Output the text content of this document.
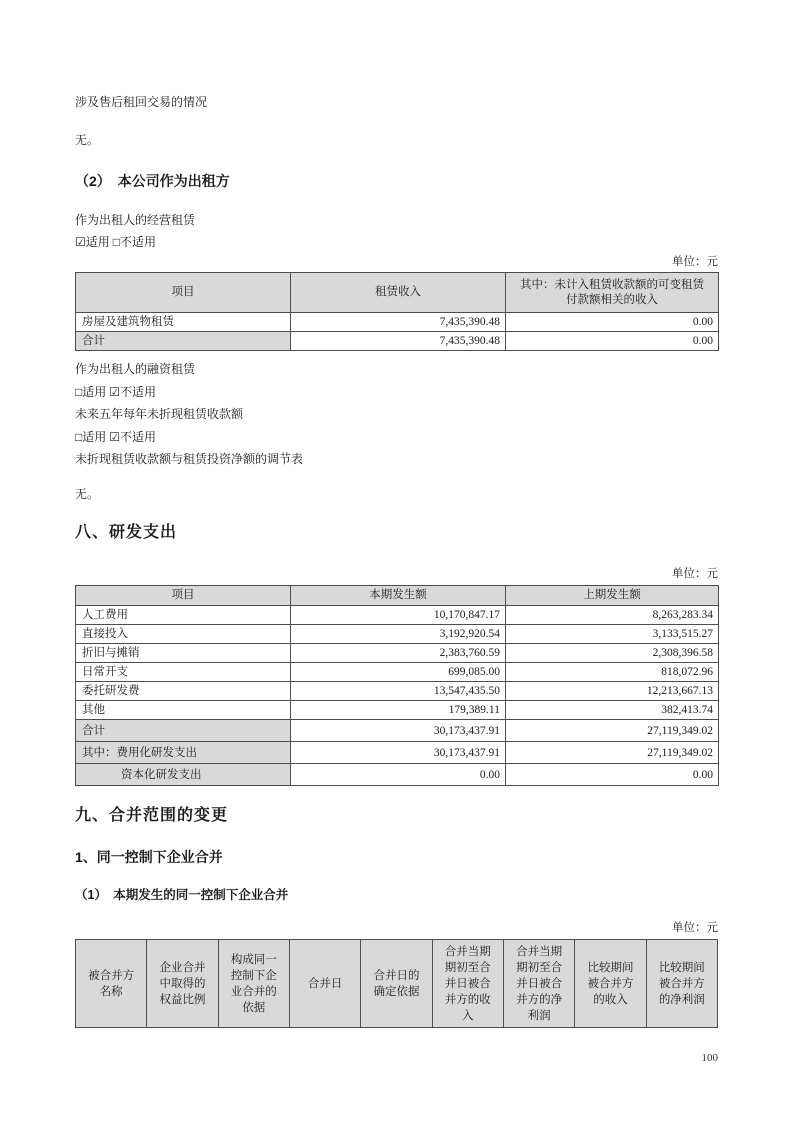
涉及售后租回交易的情况
无。
（2）　本公司作为出租方
作为出租人的经营租赁
☑适用 □不适用
单位：元
项目	租赁收入	其中：未计入租赁收款额的可变租赁付款额相关的收入
房屋及建筑物租赁	7,435,390.48	0.00
合计	7,435,390.48	0.00
作为出租人的融资租赁
□适用 ☑不适用
未来五年每年未折现租赁收款额
□适用 ☑不适用
未折现租赁收款额与租赁投资净额的调节表
无。
八、研发支出
单位：元
项目	本期发生额	上期发生额
人工费用	10,170,847.17	8,263,283.34
直接投入	3,192,920.54	3,133,515.27
折旧与摊销	2,383,760.59	2,308,396.58
日常开支	699,085.00	818,072.96
委托研发费	13,547,435.50	12,213,667.13
其他	179,389.11	382,413.74
合计	30,173,437.91	27,119,349.02
其中：费用化研发支出	30,173,437.91	27,119,349.02
资本化研发支出	0.00	0.00
九、合并范围的变更
1、同一控制下企业合并
（1）　本期发生的同一控制下企业合并
单位：元
被合并方名称	企业合并中取得的权益比例	构成同一控制下企业合并的依据	合并日	合并日的确定依据	合并当期期初至合并日被合并方的收入	合并当期期初至合并日被合并方的净利润	比较期间被合并方的收入	比较期间被合并方的净利润
100
